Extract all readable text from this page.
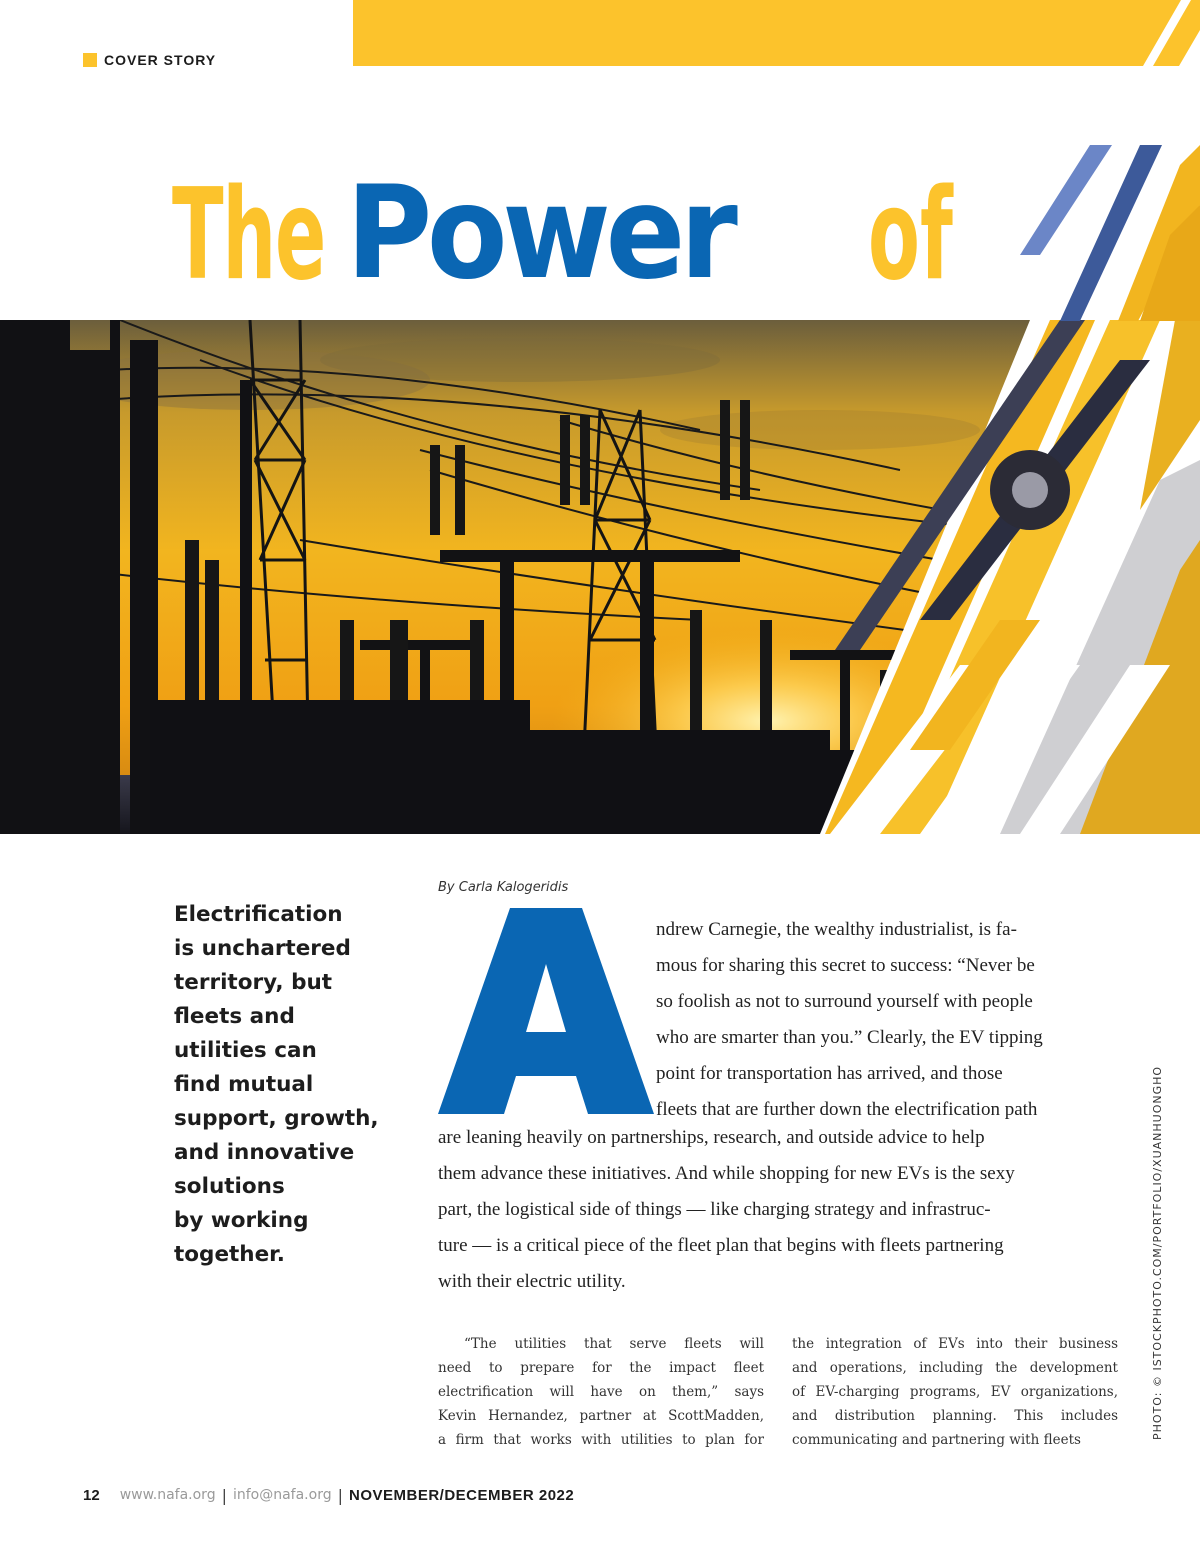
COVER STORY
The Power	of
Electrification
is unchartered
territory, but
fleets and
utilities can
find mutual
support, growth,
and innovative
solutions
by working
together.
By Carla Kalogeridis
ndrew Carnegie, the wealthy industrialist, is fa-
mous for sharing this secret to success: “Never be
so foolish as not to surround yourself with people
who are smarter than you.” Clearly, the EV tipping
point for transportation has arrived, and those
fleets that are further down the electrification path
are leaning heavily on partnerships, research, and outside advice to help
them advance these initiatives. And while shopping for new EVs is the sexy
part, the logistical side of things — like charging strategy and infrastruc-
ture — is a critical piece of the fleet plan that begins with fleets partnering
with their electric utility.
“The utilities that serve fleets will
need to prepare for the impact fleet
electrification will have on them,” says
Kevin Hernandez, partner at ScottMadden,
a firm that works with utilities to plan for
the integration of EVs into their business
and operations, including the development
of EV-charging programs, EV organizations,
and distribution planning. This includes
communicating and partnering with fleets	PHOTO: © ISTOCKPHOTO.COM/PORTFOLIO/XUANHUONGHO
12 www.nafa.org | info@nafa.org | NOVEMBER/DECEMBER 2022
